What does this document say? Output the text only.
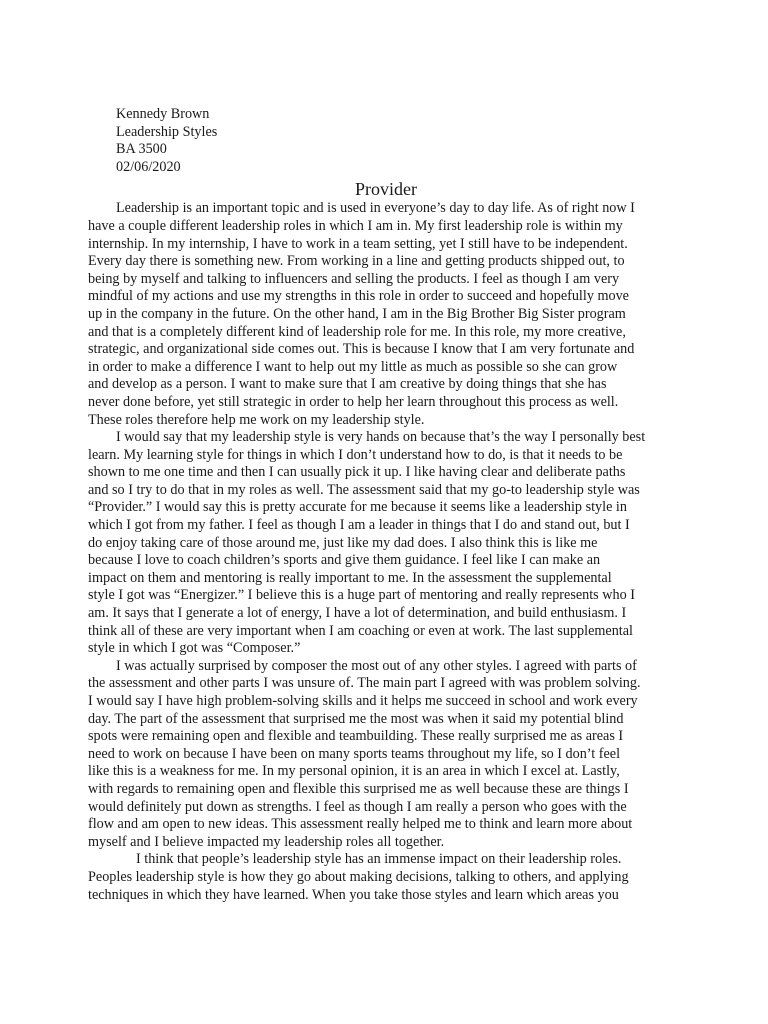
Kennedy Brown
Leadership Styles
BA 3500
02/06/2020
Provider

Leadership is an important topic and is used in everyone’s day to day life. As of right now I
have a couple different leadership roles in which I am in. My first leadership role is within my
internship. In my internship, I have to work in a team setting, yet I still have to be independent.
Every day there is something new. From working in a line and getting products shipped out, to
being by myself and talking to influencers and selling the products. I feel as though I am very
mindful of my actions and use my strengths in this role in order to succeed and hopefully move
up in the company in the future. On the other hand, I am in the Big Brother Big Sister program
and that is a completely different kind of leadership role for me. In this role, my more creative,
strategic, and organizational side comes out. This is because I know that I am very fortunate and
in order to make a difference I want to help out my little as much as possible so she can grow
and develop as a person. I want to make sure that I am creative by doing things that she has
never done before, yet still strategic in order to help her learn throughout this process as well.
These roles therefore help me work on my leadership style.

I would say that my leadership style is very hands on because that’s the way I personally best
learn. My learning style for things in which I don’t understand how to do, is that it needs to be
shown to me one time and then I can usually pick it up. I like having clear and deliberate paths
and so I try to do that in my roles as well. The assessment said that my go-to leadership style was
“Provider.” I would say this is pretty accurate for me because it seems like a leadership style in
which I got from my father. I feel as though I am a leader in things that I do and stand out, but I
do enjoy taking care of those around me, just like my dad does. I also think this is like me
because I love to coach children’s sports and give them guidance. I feel like I can make an
impact on them and mentoring is really important to me. In the assessment the supplemental
style I got was “Energizer.” I believe this is a huge part of mentoring and really represents who I
am. It says that I generate a lot of energy, I have a lot of determination, and build enthusiasm. I
think all of these are very important when I am coaching or even at work. The last supplemental
style in which I got was “Composer.”

I was actually surprised by composer the most out of any other styles. I agreed with parts of
the assessment and other parts I was unsure of. The main part I agreed with was problem solving.
I would say I have high problem-solving skills and it helps me succeed in school and work every
day. The part of the assessment that surprised me the most was when it said my potential blind
spots were remaining open and flexible and teambuilding. These really surprised me as areas I
need to work on because I have been on many sports teams throughout my life, so I don’t feel
like this is a weakness for me. In my personal opinion, it is an area in which I excel at. Lastly,
with regards to remaining open and flexible this surprised me as well because these are things I
would definitely put down as strengths. I feel as though I am really a person who goes with the
flow and am open to new ideas. This assessment really helped me to think and learn more about
myself and I believe impacted my leadership roles all together.

I think that people’s leadership style has an immense impact on their leadership roles.
Peoples leadership style is how they go about making decisions, talking to others, and applying
techniques in which they have learned. When you take those styles and learn which areas you
